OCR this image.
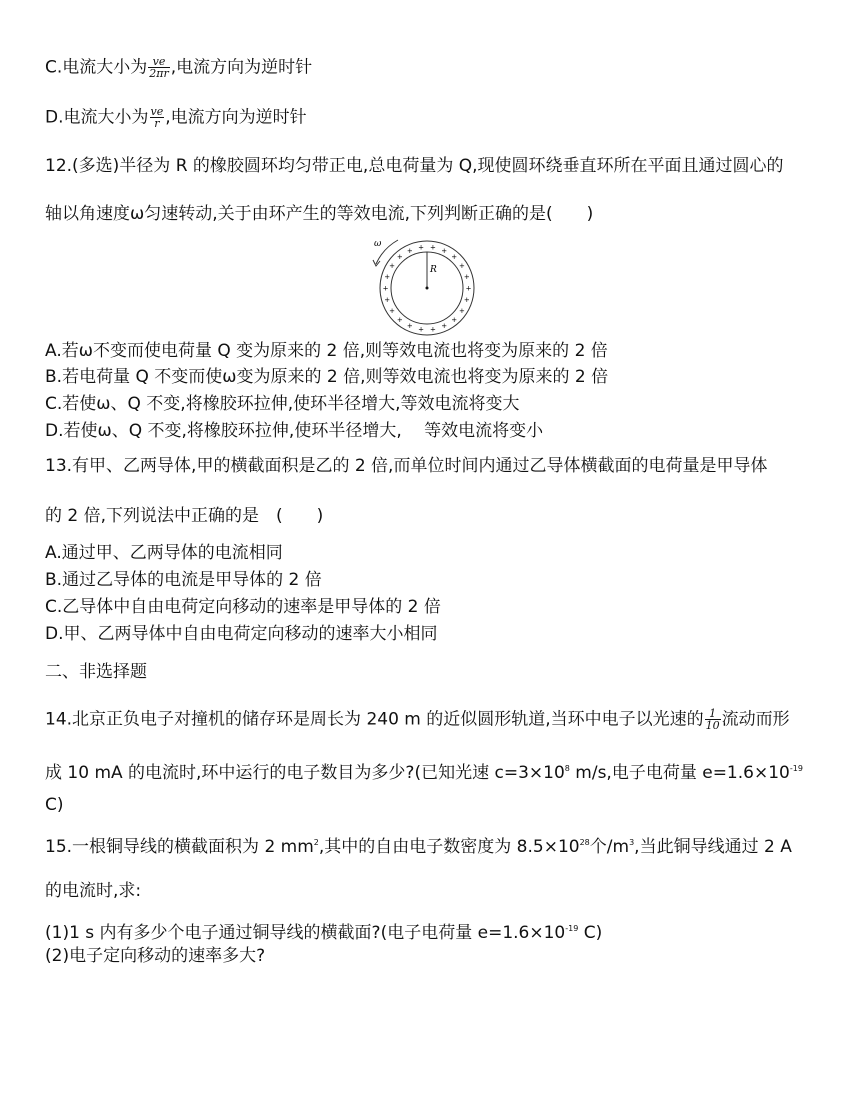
C.电流大小为 $\frac{ve}{2\pi r}$ ,电流方向为逆时针
D.电流大小为 $\frac{ve}{r}$ ,电流方向为逆时针
12.(多选)半径为 R 的橡胶圆环均匀带正电,总电荷量为 Q,现使圆环绕垂直环所在平面且通过圆心的
轴以角速度ω匀速转动,关于由环产生的等效电流,下列判断正确的是(　　)
R
ω
+
+
+
+
+
+
+
+
+
+
+
+
+
+
+
+ + + +
+
+
+
A.若ω不变而使电荷量 Q 变为原来的 2 倍,则等效电流也将变为原来的 2 倍
B.若电荷量 Q 不变而使ω变为原来的 2 倍,则等效电流也将变为原来的 2 倍
C.若使ω、Q 不变,将橡胶环拉伸,使环半径增大,等效电流将变大
D.若使ω、Q 不变,将橡胶环拉伸,使环半径增大,　 等效电流将变小
13.有甲、乙两导体,甲的横截面积是乙的 2 倍,而单位时间内通过乙导体横截面的电荷量是甲导体
的 2 倍,下列说法中正确的是　(　　)
A.通过甲、乙两导体的电流相同
B.通过乙导体的电流是甲导体的 2 倍
C.乙导体中自由电荷定向移动的速率是甲导体的 2 倍
D.甲、乙两导体中自由电荷定向移动的速率大小相同
二、非选择题
14.北京正负电子对撞机的储存环是周长为 240 m 的近似圆形轨道,当环中电子以光速的 $\frac{1}{10}$ 流动而形
成 10 mA 的电流时,环中运行的电子数目为多少?(已知光速 $c=3\times 10^8$ m/s,电子电荷量 $e=1.6\times 10^{-19}$
C)
15.一根铜导线的横截面积为 2 $mm^2$,其中的自由电子数密度为 $8.5\times 10^{28}$个$/m^3$,当此铜导线通过 2 A
的电流时,求:
(1)1 s 内有多少个电子通过铜导线的横截面?(电子电荷量 $e=1.6\times 10^{-19}$ C)
(2)电子定向移动的速率多大?
